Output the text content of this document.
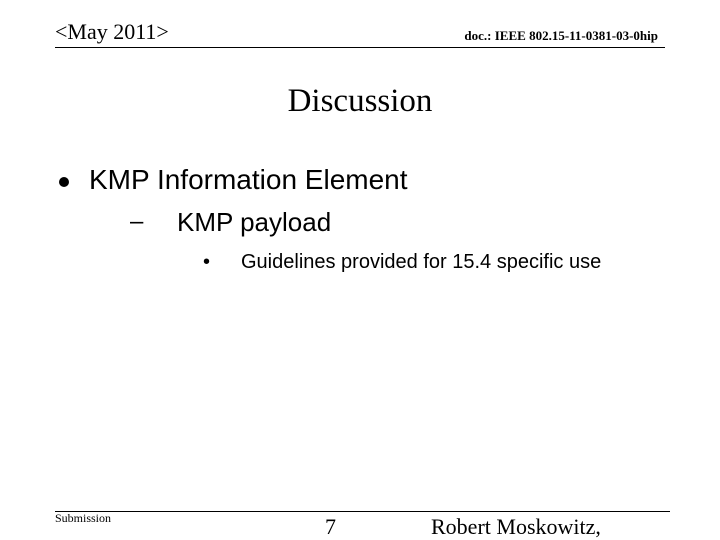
<May 2011>	doc.: IEEE 802.15-11-0381-03-0hip
Discussion
KMP Information Element
– KMP payload
• Guidelines provided for 15.4 specific use
Submission	7	Robert Moskowitz,
